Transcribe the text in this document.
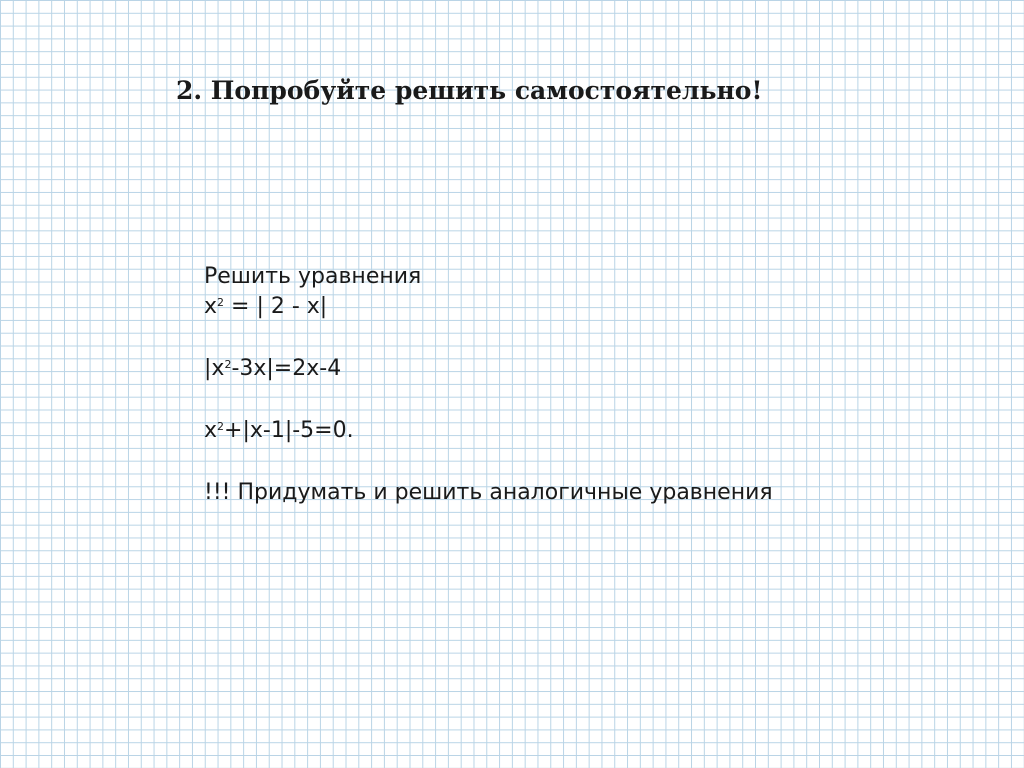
2. Попробуйте решить самостоятельно!
Решить уравнения
$x^2$ = | 2 - x|
$|x^2-3x|=2x-4$
$x^2+|x-1|-5=0$.
!!! Придумать и решить аналогичные уравнения
